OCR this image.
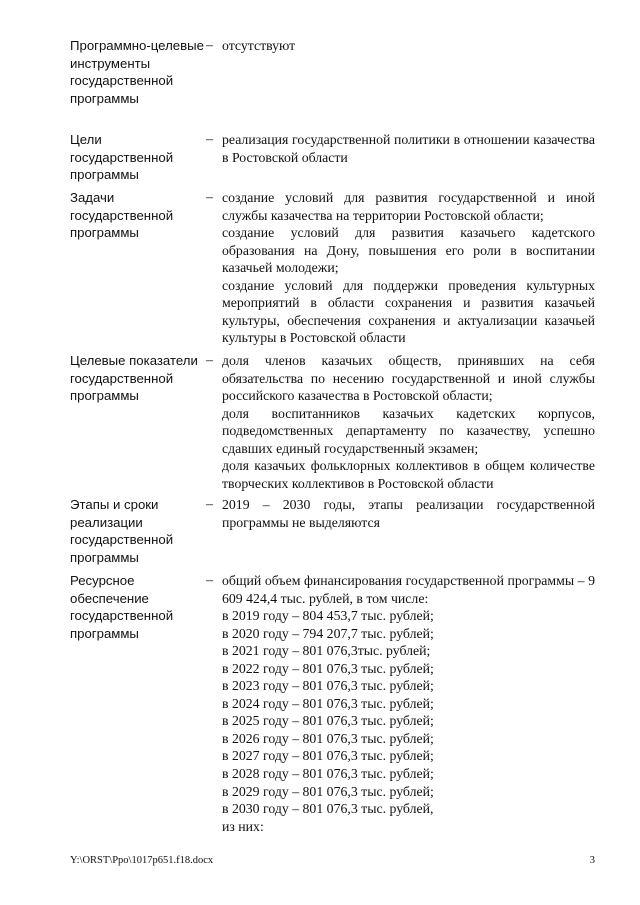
Программно-целевые инструменты государственной программы
– отсутствуют
Цели государственной программы
– реализация государственной политики в отношении казачества в Ростовской области
Задачи государственной программы
– создание условий для развития государственной и иной службы казачества на территории Ростовской области;
создание условий для развития казачьего кадетского образования на Дону, повышения его роли в воспитании казачьей молодежи;
создание условий для поддержки проведения культурных мероприятий в области сохранения и развития казачьей культуры, обеспечения сохранения и актуализации казачьей культуры в Ростовской области
Целевые показатели государственной программы
– доля членов казачьих обществ, принявших на себя обязательства по несению государственной и иной службы российского казачества в Ростовской области;
доля воспитанников казачьих кадетских корпусов, подведомственных департаменту по казачеству, успешно сдавших единый государственный экзамен;
доля казачьих фольклорных коллективов в общем количестве творческих коллективов в Ростовской области
Этапы и сроки реализации государственной программы
– 2019 – 2030 годы, этапы реализации государственной программы не выделяются
Ресурсное обеспечение государственной программы
– общий объем финансирования государственной программы – 9 609 424,4 тыс. рублей, в том числе:
в 2019 году – 804 453,7 тыс. рублей;
в 2020 году – 794 207,7 тыс. рублей;
в 2021 году – 801 076,3тыс. рублей;
в 2022 году – 801 076,3 тыс. рублей;
в 2023 году – 801 076,3 тыс. рублей;
в 2024 году – 801 076,3 тыс. рублей;
в 2025 году – 801 076,3 тыс. рублей;
в 2026 году – 801 076,3 тыс. рублей;
в 2027 году – 801 076,3 тыс. рублей;
в 2028 году – 801 076,3 тыс. рублей;
в 2029 году – 801 076,3 тыс. рублей;
в 2030 году – 801 076,3 тыс. рублей,
из них:
Y:\ORST\Ppo\1017p651.f18.docx	3
